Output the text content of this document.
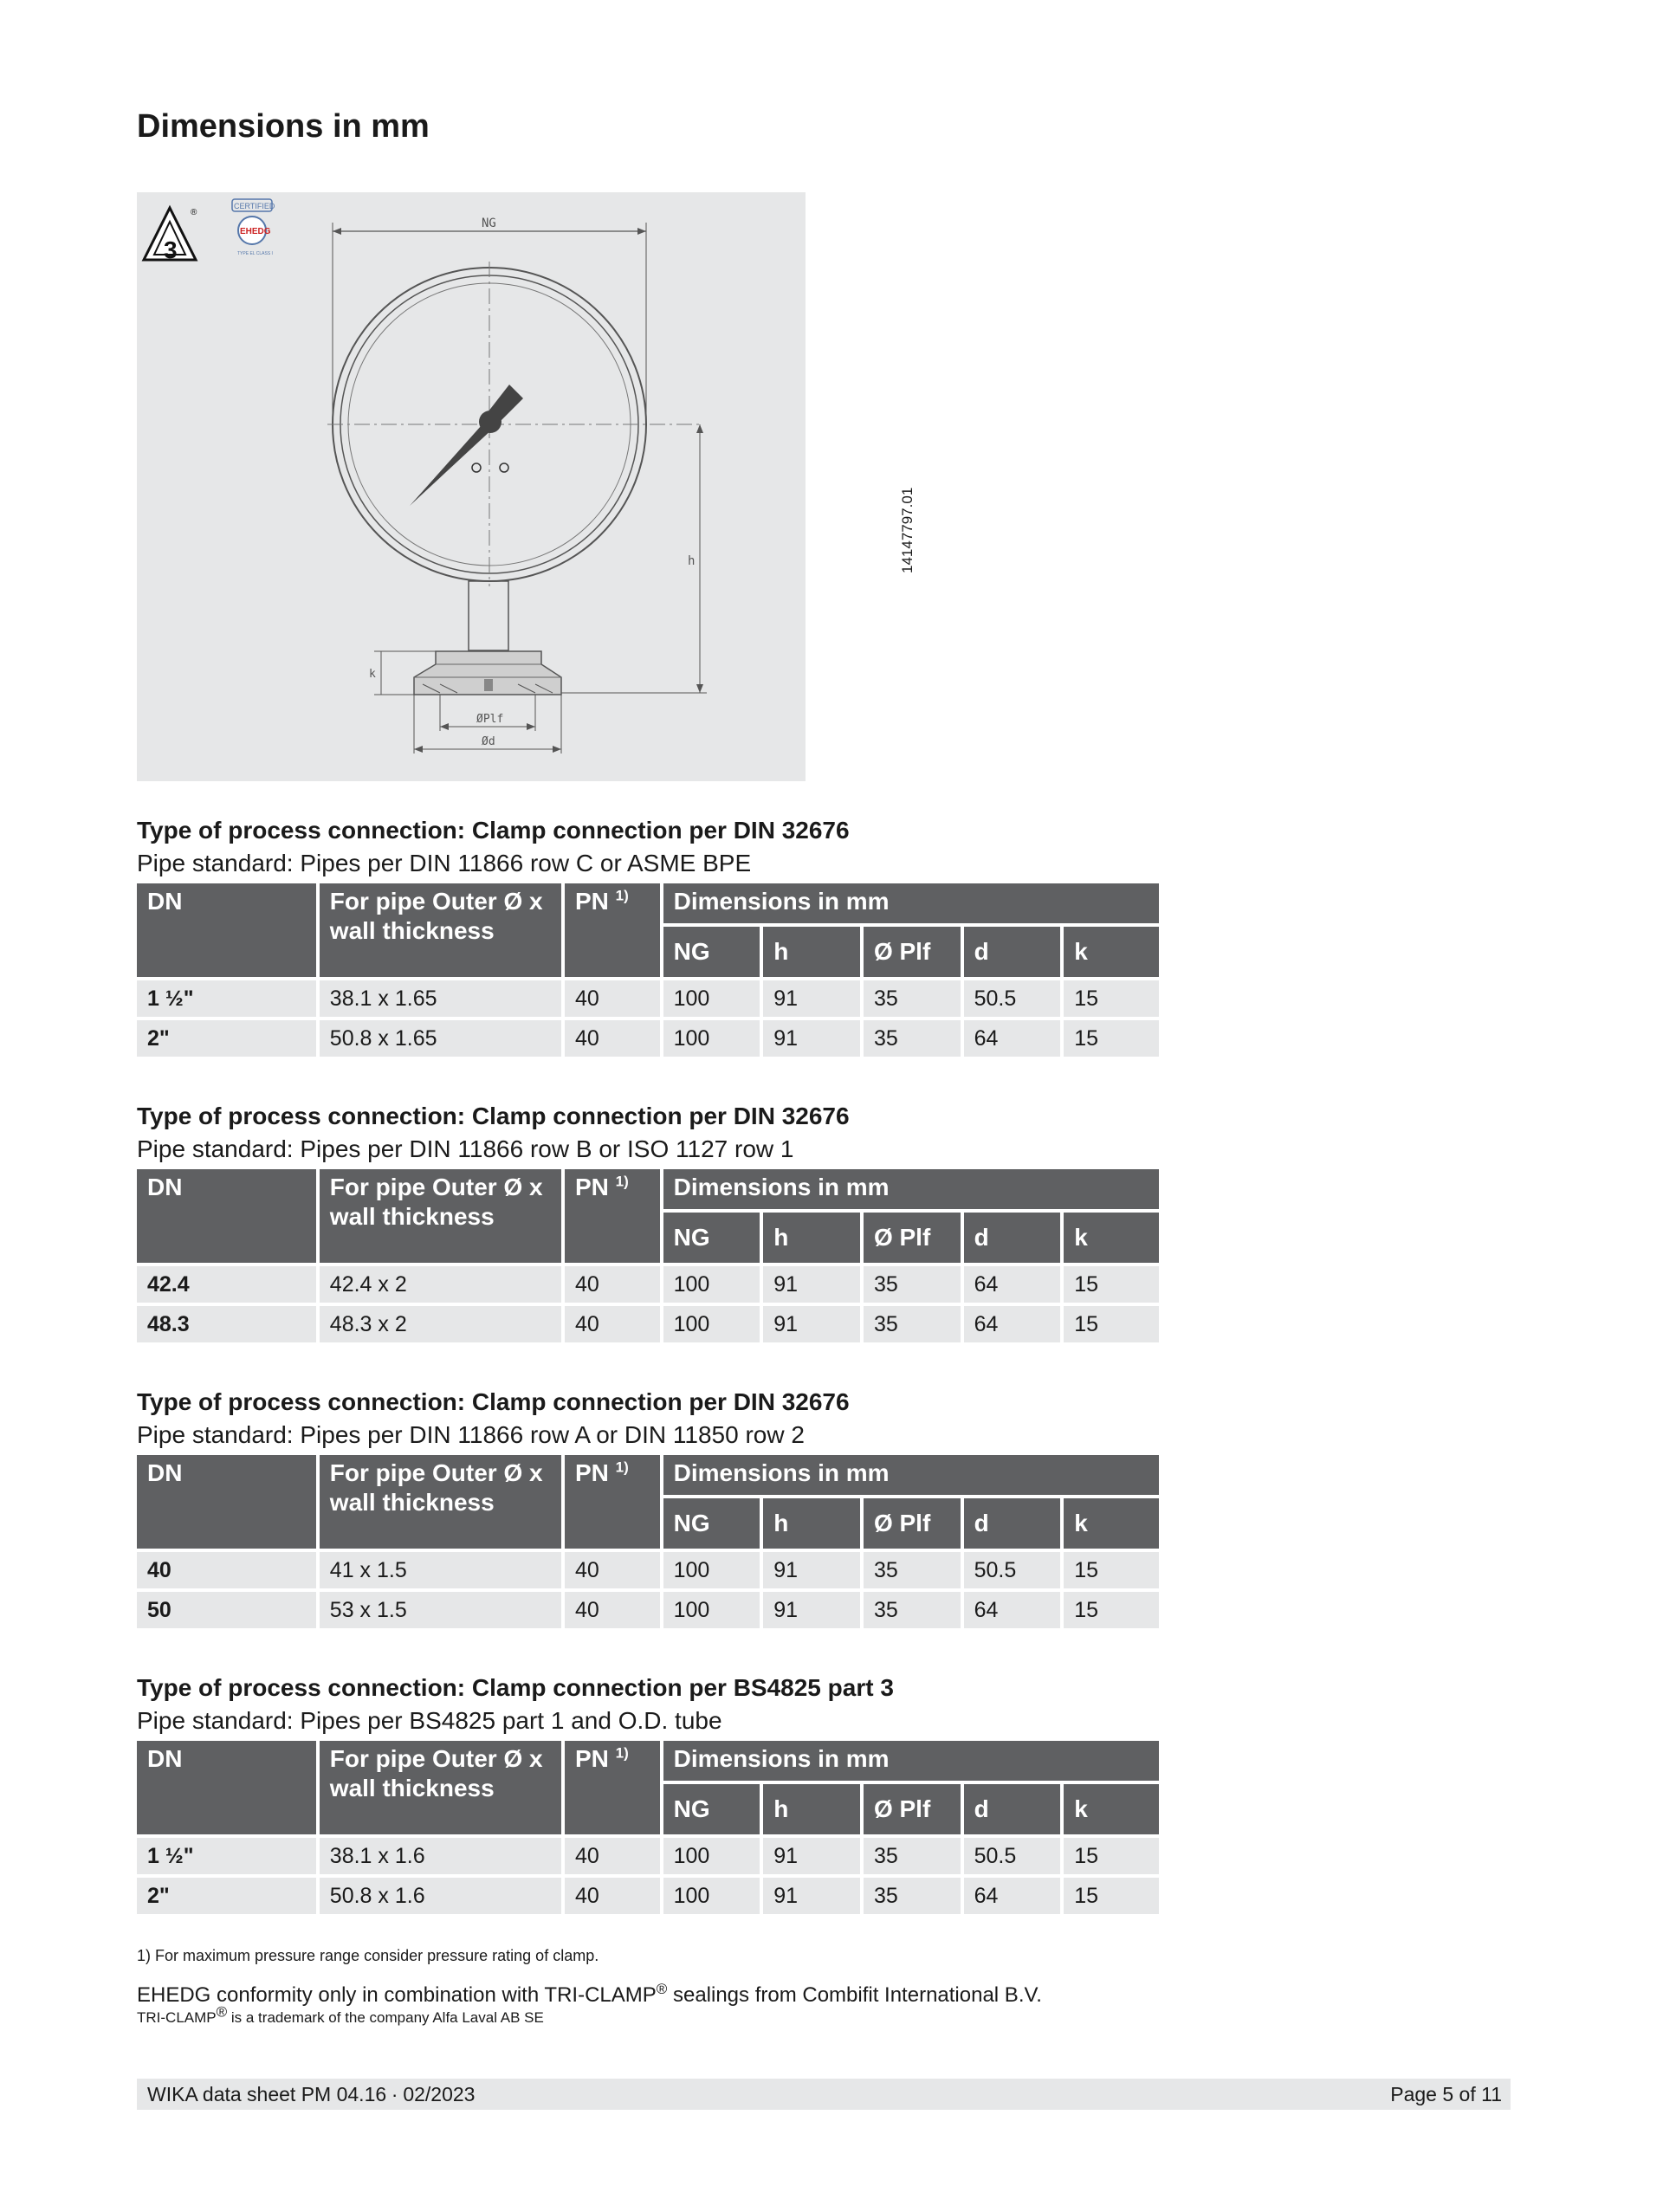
Dimensions in mm
3
®
CERTIFIED
EHEDG
TYPE EL CLASS I
NG
h
k
ØPlf
Ød
14147797.01
Type of process connection: Clamp connection per DIN 32676
Pipe standard: Pipes per DIN 11866 row C or ASME BPE
DN	For pipe Outer Ø x wall thickness	PN $^{1)}$	Dimensions in mm				
			NG	h	Ø Plf	d	k
1 ½"	38.1 x 1.65	40	100	91	35	50.5	15
2"	50.8 x 1.65	40	100	91	35	64	15
Type of process connection: Clamp connection per DIN 32676
Pipe standard: Pipes per DIN 11866 row B or ISO 1127 row 1
DN	For pipe Outer Ø x wall thickness	PN $^{1)}$	Dimensions in mm				
			NG	h	Ø Plf	d	k
42.4	42.4 x 2	40	100	91	35	64	15
48.3	48.3 x 2	40	100	91	35	64	15
Type of process connection: Clamp connection per DIN 32676
Pipe standard: Pipes per DIN 11866 row A or DIN 11850 row 2
DN	For pipe Outer Ø x wall thickness	PN $^{1)}$	Dimensions in mm				
			NG	h	Ø Plf	d	k
40	41 x 1.5	40	100	91	35	50.5	15
50	53 x 1.5	40	100	91	35	64	15
Type of process connection: Clamp connection per BS4825 part 3
Pipe standard: Pipes per BS4825 part 1 and O.D. tube
DN	For pipe Outer Ø x wall thickness	PN $^{1)}$	Dimensions in mm				
			NG	h	Ø Plf	d	k
1 ½"	38.1 x 1.6	40	100	91	35	50.5	15
2"	50.8 x 1.6	40	100	91	35	64	15
1) For maximum pressure range consider pressure rating of clamp.
EHEDG conformity only in combination with TRI-CLAMP® sealings from Combifit International B.V.
TRI-CLAMP® is a trademark of the company Alfa Laval AB SE
WIKA data sheet PM 04.16 ∙ 02/2023	Page 5 of 11
